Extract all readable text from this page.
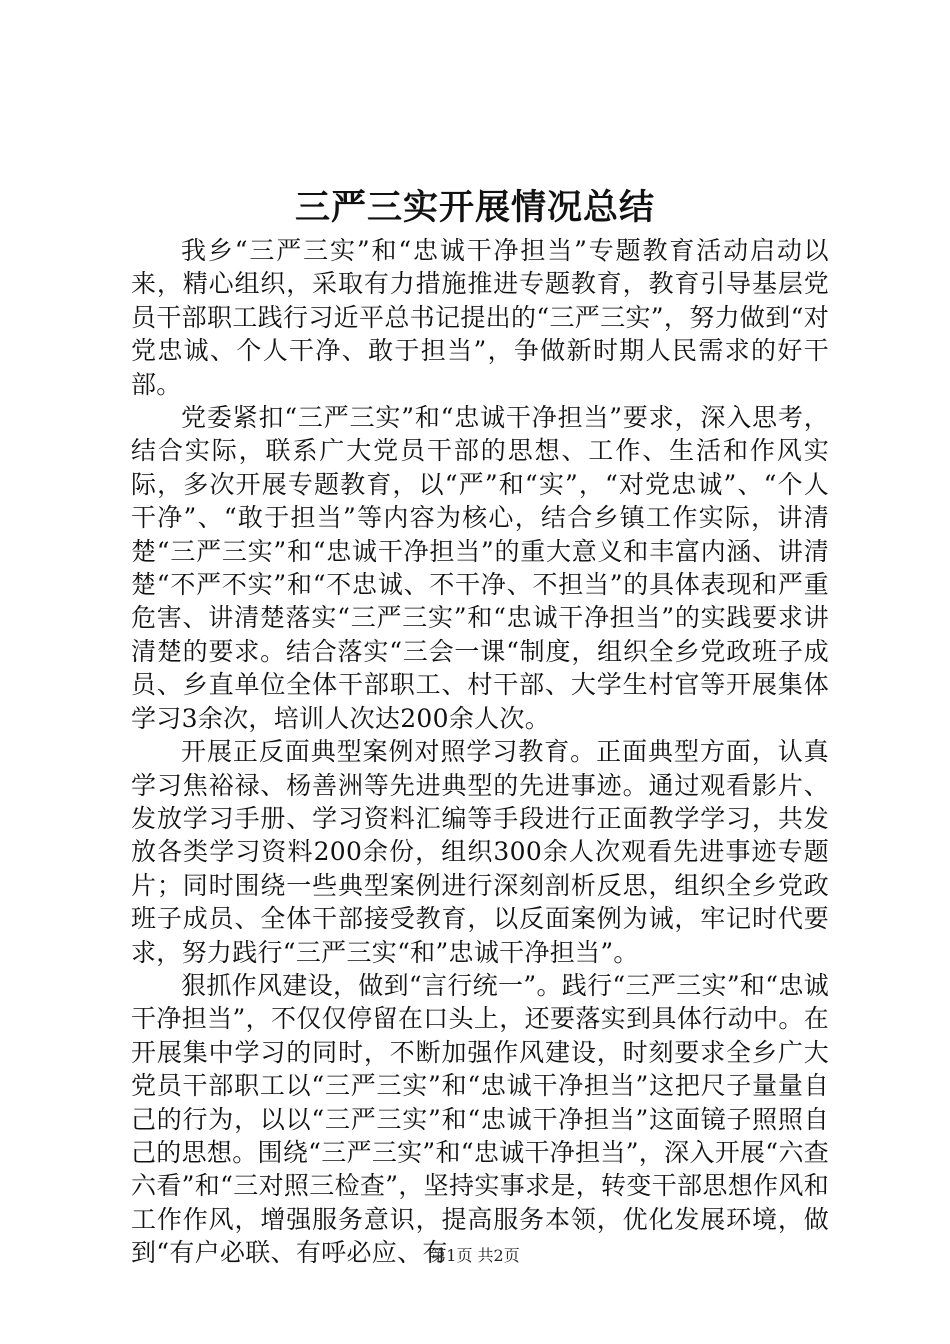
三严三实开展情况总结

我乡“三严三实”和“忠诚干净担当”专题教育活动启动以来，精心组织，采取有力措施推进专题教育，教育引导基层党员干部职工践行习近平总书记提出的“三严三实”，努力做到“对党忠诚、个人干净、敢于担当”，争做新时期人民需求的好干部。

党委紧扣“三严三实”和“忠诚干净担当”要求，深入思考，结合实际，联系广大党员干部的思想、工作、生活和作风实际，多次开展专题教育，以“严”和“实”，“对党忠诚”、“个人干净”、“敢于担当”等内容为核心，结合乡镇工作实际，讲清楚“三严三实”和“忠诚干净担当”的重大意义和丰富内涵、讲清楚“不严不实”和“不忠诚、不干净、不担当”的具体表现和严重危害、讲清楚落实“三严三实”和“忠诚干净担当”的实践要求讲清楚的要求。结合落实“三会一课“制度，组织全乡党政班子成员、乡直单位全体干部职工、村干部、大学生村官等开展集体学习3余次，培训人次达200余人次。

开展正反面典型案例对照学习教育。正面典型方面，认真学习焦裕禄、杨善洲等先进典型的先进事迹。通过观看影片、发放学习手册、学习资料汇编等手段进行正面教学学习，共发放各类学习资料200余份，组织300余人次观看先进事迹专题片；同时围绕一些典型案例进行深刻剖析反思，组织全乡党政班子成员、全体干部接受教育，以反面案例为诫，牢记时代要求，努力践行“三严三实“和”忠诚干净担当”。

狠抓作风建设，做到“言行统一”。践行“三严三实”和“忠诚干净担当”，不仅仅停留在口头上，还要落实到具体行动中。在开展集中学习的同时，不断加强作风建设，时刻要求全乡广大党员干部职工以“三严三实”和“忠诚干净担当”这把尺子量量自己的行为，以以“三严三实”和“忠诚干净担当”这面镜子照照自己的思想。围绕“三严三实”和“忠诚干净担当”，深入开展“六查六看”和“三对照三检查”，坚持实事求是，转变干部思想作风和工作作风，增强服务意识，提高服务本领，优化发展环境，做到“有户必联、有呼必应、有

第1页 共2页
